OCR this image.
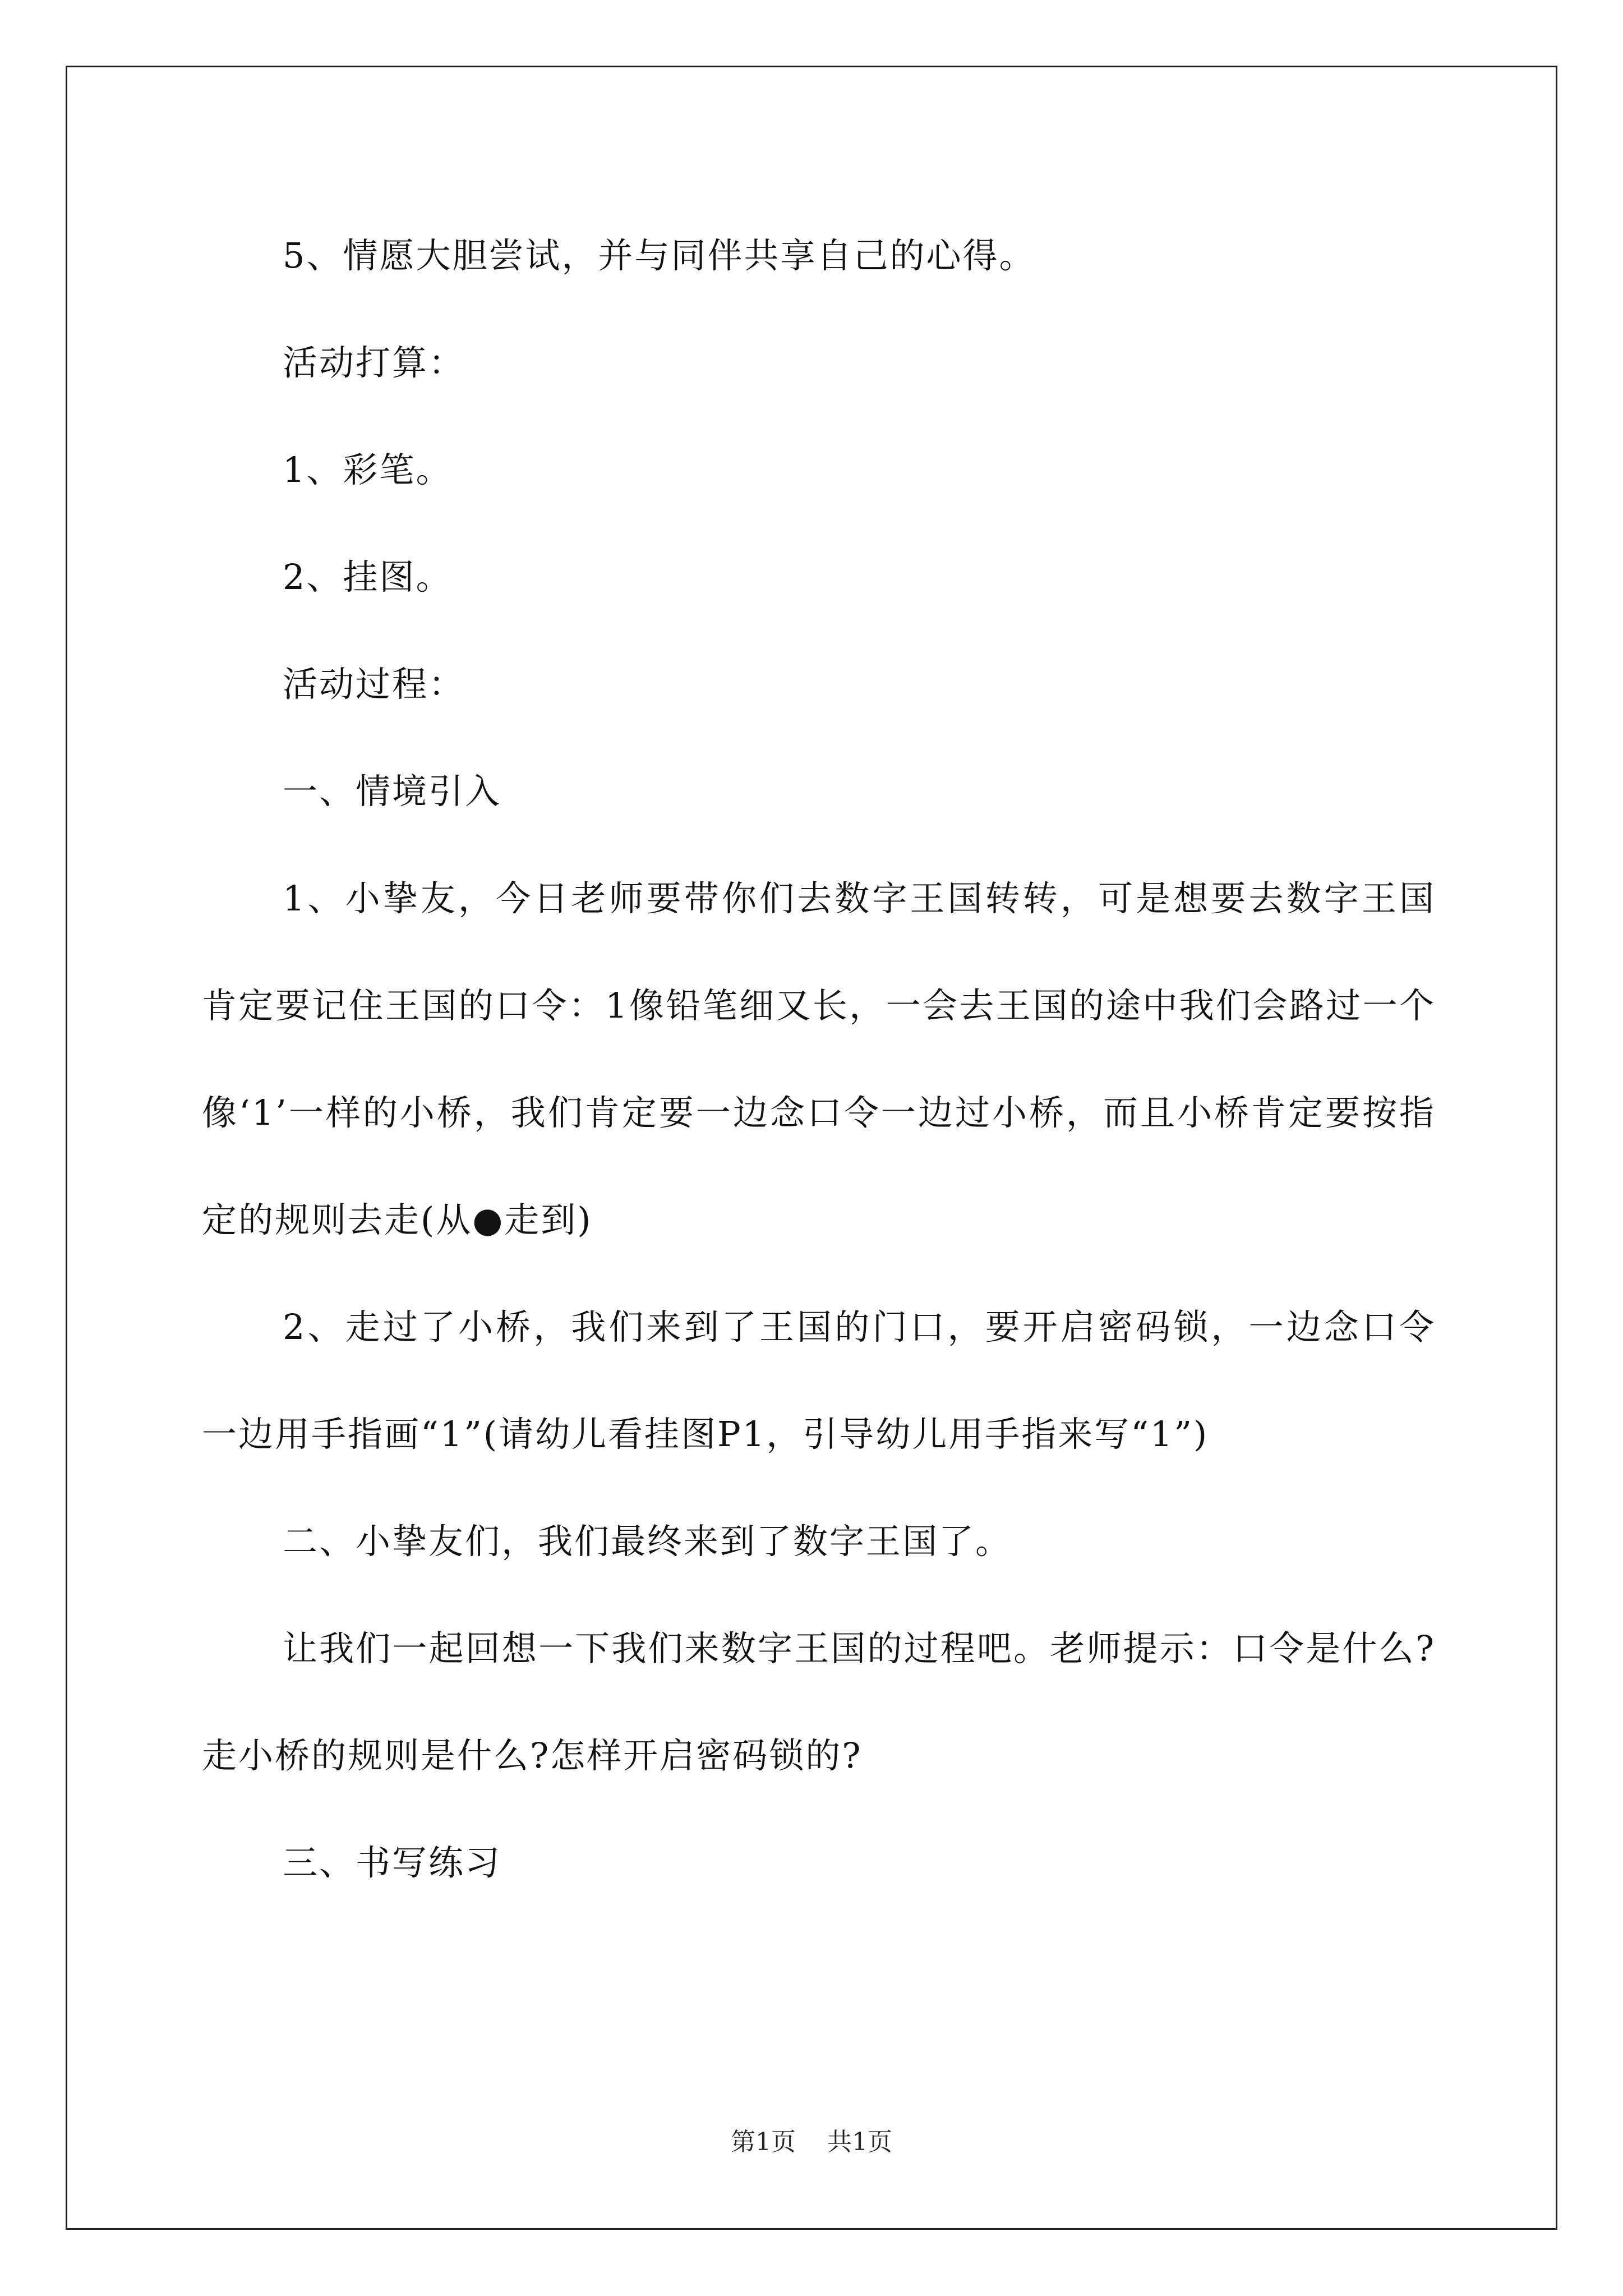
5、情愿大胆尝试，并与同伴共享自己的心得。

活动打算：

1、彩笔。

2、挂图。

活动过程：

一、情境引入

1、小挚友，今日老师要带你们去数字王国转转，可是想要去数字王国肯定要记住王国的口令：1像铅笔细又长，一会去王国的途中我们会路过一个像‘1’一样的小桥，我们肯定要一边念口令一边过小桥，而且小桥肯定要按指定的规则去走(从●走到)

2、走过了小桥，我们来到了王国的门口，要开启密码锁，一边念口令一边用手指画“1”(请幼儿看挂图P1，引导幼儿用手指来写“1”)

二、小挚友们，我们最终来到了数字王国了。

让我们一起回想一下我们来数字王国的过程吧。老师提示：口令是什么?走小桥的规则是什么?怎样开启密码锁的?

三、书写练习

第1页 共1页
